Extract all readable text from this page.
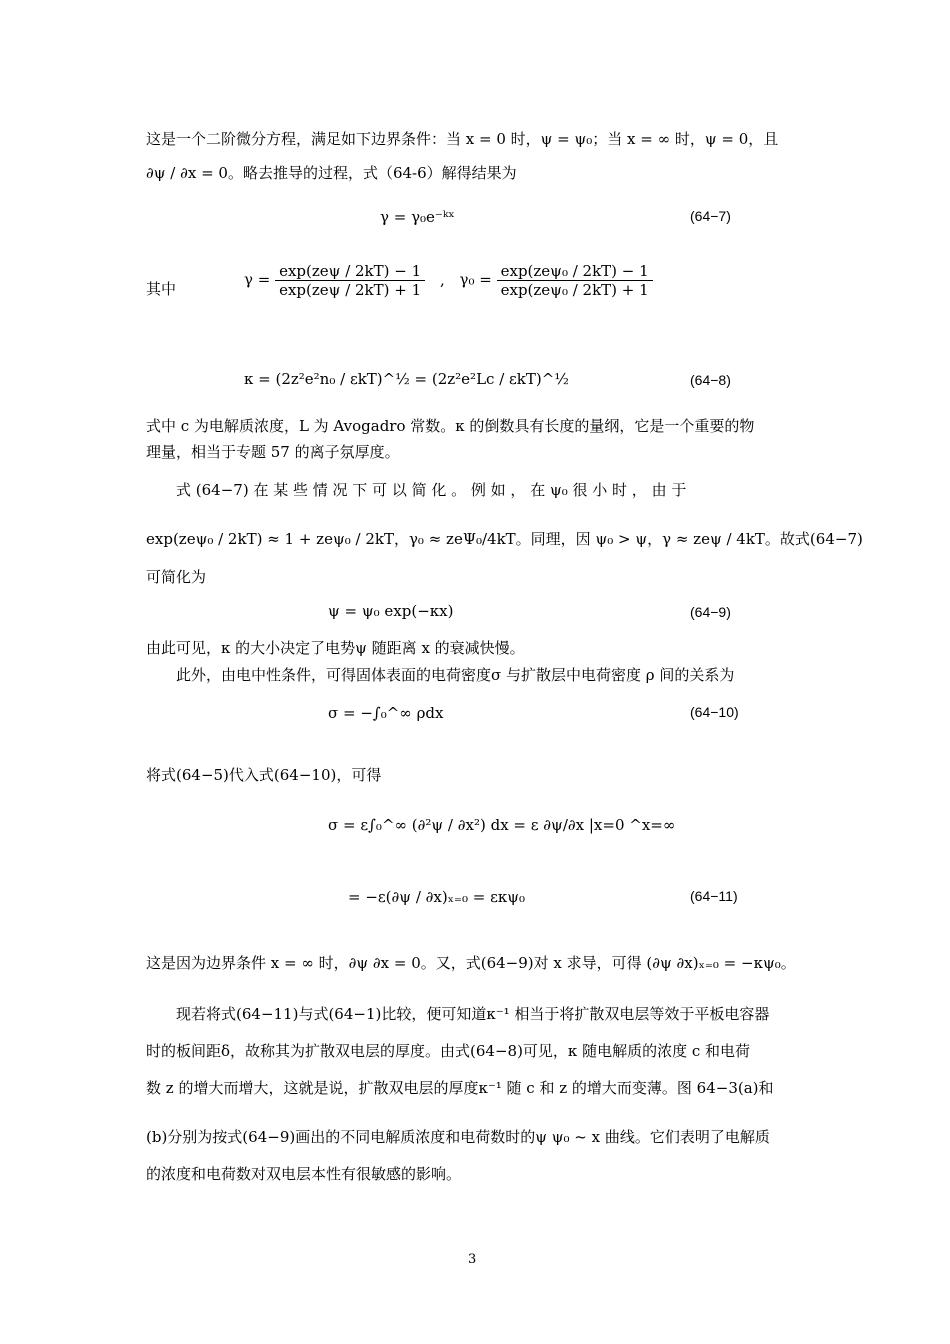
这是一个二阶微分方程，满足如下边界条件：当 x = 0 时，ψ = ψ₀；当 x = ∞ 时，ψ = 0，且
∂ψ / ∂x = 0。略去推导的过程，式（64-6）解得结果为
γ = γ₀e⁻ᵏˣ	(64−7)
其中
$\gamma = \frac{\text{exp(zeψ / 2kT) − 1}}{\text{exp(zeψ / 2kT) + 1}}$ , $\gamma_0 = \frac{\text{exp(zeψ₀ / 2kT) − 1}}{\text{exp(zeψ₀ / 2kT) + 1}}$
κ = (2z²e²n₀ / εkT)^½ = (2z²e²Lc / εkT)^½	(64−8)
式中 c 为电解质浓度，L 为 Avogadro 常数。κ 的倒数具有长度的量纲，它是一个重要的物
理量，相当于专题 57 的离子氛厚度。
式 (64−7) 在 某 些 情 况 下 可 以 简 化 。 例 如 ， 在 ψ₀ 很 小 时 ， 由 于
exp(zeψ₀ / 2kT) ≈ 1 + zeψ₀ / 2kT，γ₀ ≈ zeΨ₀/4kT。同理，因 ψ₀ > ψ，γ ≈ zeψ / 4kT。故式(64−7)
可简化为
ψ = ψ₀ exp(−κx)	(64−9)
由此可见，κ 的大小决定了电势ψ 随距离 x 的衰减快慢。
此外，由电中性条件，可得固体表面的电荷密度σ 与扩散层中电荷密度 ρ 间的关系为
σ = −∫₀^∞ ρdx	(64−10)
将式(64−5)代入式(64−10)，可得
σ = ε∫₀^∞ (∂²ψ / ∂x²) dx = ε ∂ψ/∂x |x=0 ^x=∞
= −ε(∂ψ / ∂x)ₓ₌₀ = εκψ₀	(64−11)
这是因为边界条件 x = ∞ 时，∂ψ ∂x = 0。又，式(64−9)对 x 求导，可得 (∂ψ ∂x)ₓ₌₀ = −κψ₀。
现若将式(64−11)与式(64−1)比较，便可知道κ⁻¹ 相当于将扩散双电层等效于平板电容器
时的板间距δ，故称其为扩散双电层的厚度。由式(64−8)可见，κ 随电解质的浓度 c 和电荷
数 z 的增大而增大，这就是说，扩散双电层的厚度κ⁻¹ 随 c 和 z 的增大而变薄。图 64−3(a)和
(b)分别为按式(64−9)画出的不同电解质浓度和电荷数时的ψ ψ₀ ~ x 曲线。它们表明了电解质
的浓度和电荷数对双电层本性有很敏感的影响。
3
